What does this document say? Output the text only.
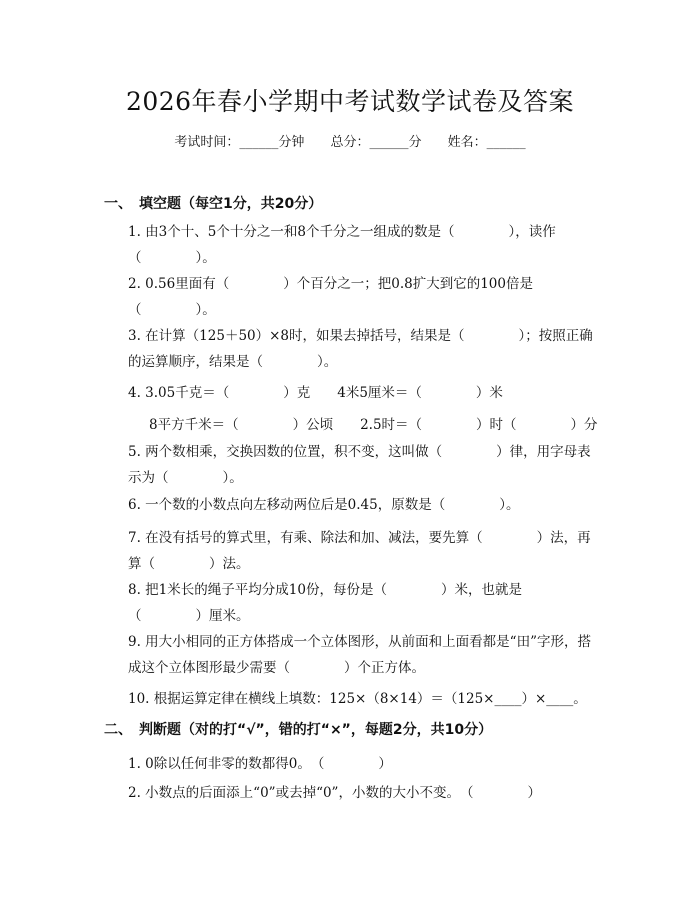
2026年春小学期中考试数学试卷及答案
考试时间：______分钟 总分：______分 姓名：______
一、　填空题（每空1分，共20分）
1. 由3个十、5个十分之一和8个千分之一组成的数是（　　　　），读作（　　　　）。
2. 0.56里面有（　　　　）个百分之一；把0.8扩大到它的100倍是（　　　　）。
3. 在计算（125＋50）×8时，如果去掉括号，结果是（　　　　）；按照正确的运算顺序，结果是（　　　　）。
4. 3.05千克＝（　　　　）克　　4米5厘米＝（　　　　）米
8平方千米＝（　　　　）公顷　　2.5时＝（　　　　）时（　　　　）分
5. 两个数相乘，交换因数的位置，积不变，这叫做（　　　　）律，用字母表示为（　　　　）。
6. 一个数的小数点向左移动两位后是0.45，原数是（　　　　）。
7. 在没有括号的算式里，有乘、除法和加、减法，要先算（　　　　）法，再算（　　　　）法。
8. 把1米长的绳子平均分成10份，每份是（　　　　）米，也就是（　　　　）厘米。
9. 用大小相同的正方体搭成一个立体图形，从前面和上面看都是“田”字形，搭成这个立体图形最少需要（　　　　）个正方体。
10. 根据运算定律在横线上填数：125×（8×14）＝（125×____）×____。
二、　判断题（对的打“√”，错的打“×”，每题2分，共10分）
1. 0除以任何非零的数都得0。　（　　　　）
2. 小数点的后面添上“0”或去掉“0”，小数的大小不变。　（　　　　）
